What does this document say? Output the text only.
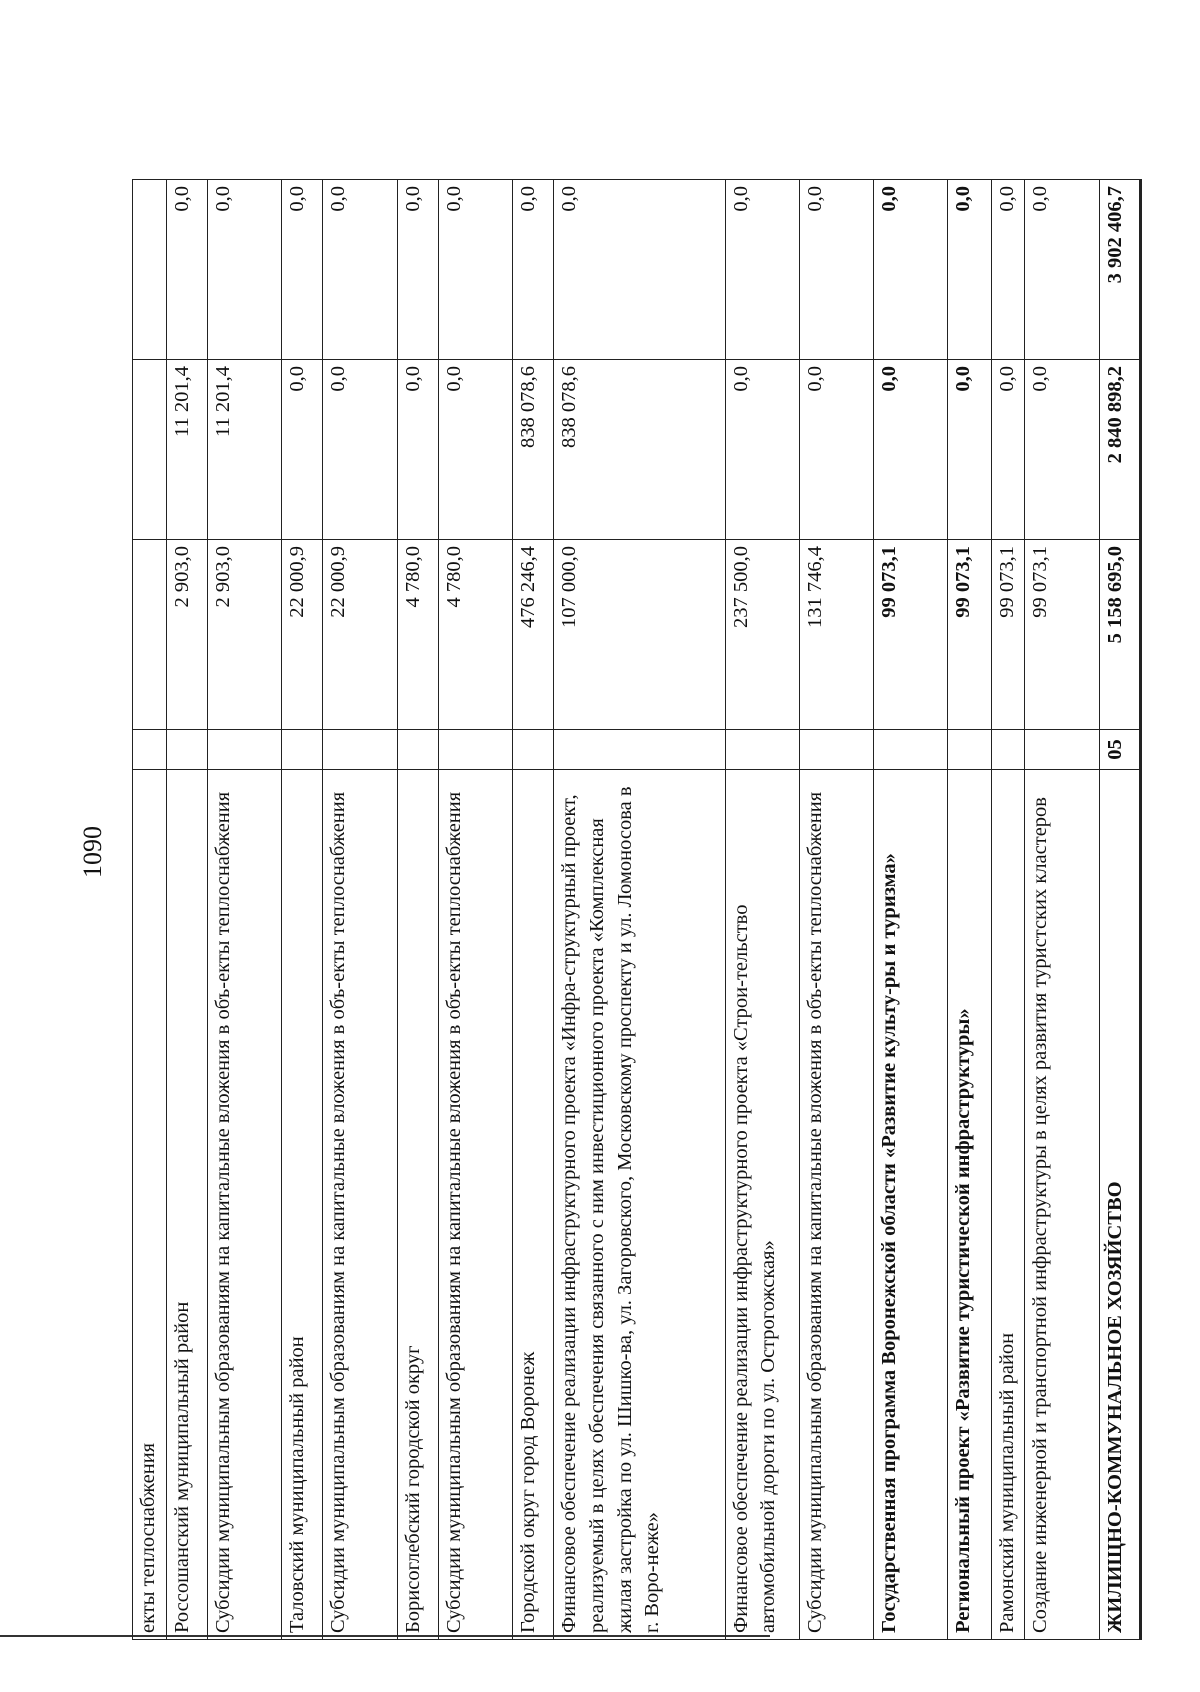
1090
екты теплоснабжения				
Россошанский муниципальный район		2 903,0	11 201,4	0,0
Субсидии муниципальным образованиям на капитальные вложения в объ-екты теплоснабжения		2 903,0	11 201,4	0,0
Таловский муниципальный район		22 000,9	0,0	0,0
Субсидии муниципальным образованиям на капитальные вложения в объ-екты теплоснабжения		22 000,9	0,0	0,0
Борисоглебский городской округ		4 780,0	0,0	0,0
Субсидии муниципальным образованиям на капитальные вложения в объ-екты теплоснабжения		4 780,0	0,0	0,0
Городской округ город Воронеж		476 246,4	838 078,6	0,0
Финансовое обеспечение реализации инфраструктурного проекта «Инфра-структурный проект, реализуемый в целях обеспечения связанного с ним инвестиционного проекта «Комплексная жилая застройка по ул. Шишко-ва, ул. Загоровского, Московскому проспекту и ул. Ломоносова в г. Воро-неже»		107 000,0	838 078,6	0,0
Финансовое обеспечение реализации инфраструктурного проекта «Строи-тельство автомобильной дороги по ул. Острогожская»		237 500,0	0,0	0,0
Субсидии муниципальным образованиям на капитальные вложения в объ-екты теплоснабжения		131 746,4	0,0	0,0
Государственная программа Воронежской области «Развитие культу-ры и туризма»		99 073,1	0,0	0,0
Региональный проект «Развитие туристической инфраструктуры»		99 073,1	0,0	0,0
Рамонский муниципальный район		99 073,1	0,0	0,0
Создание инженерной и транспортной инфраструктуры в целях развития туристских кластеров		99 073,1	0,0	0,0
ЖИЛИЩНО-КОММУНАЛЬНОЕ ХОЗЯЙСТВО	05	5 158 695,0	2 840 898,2	3 902 406,7
